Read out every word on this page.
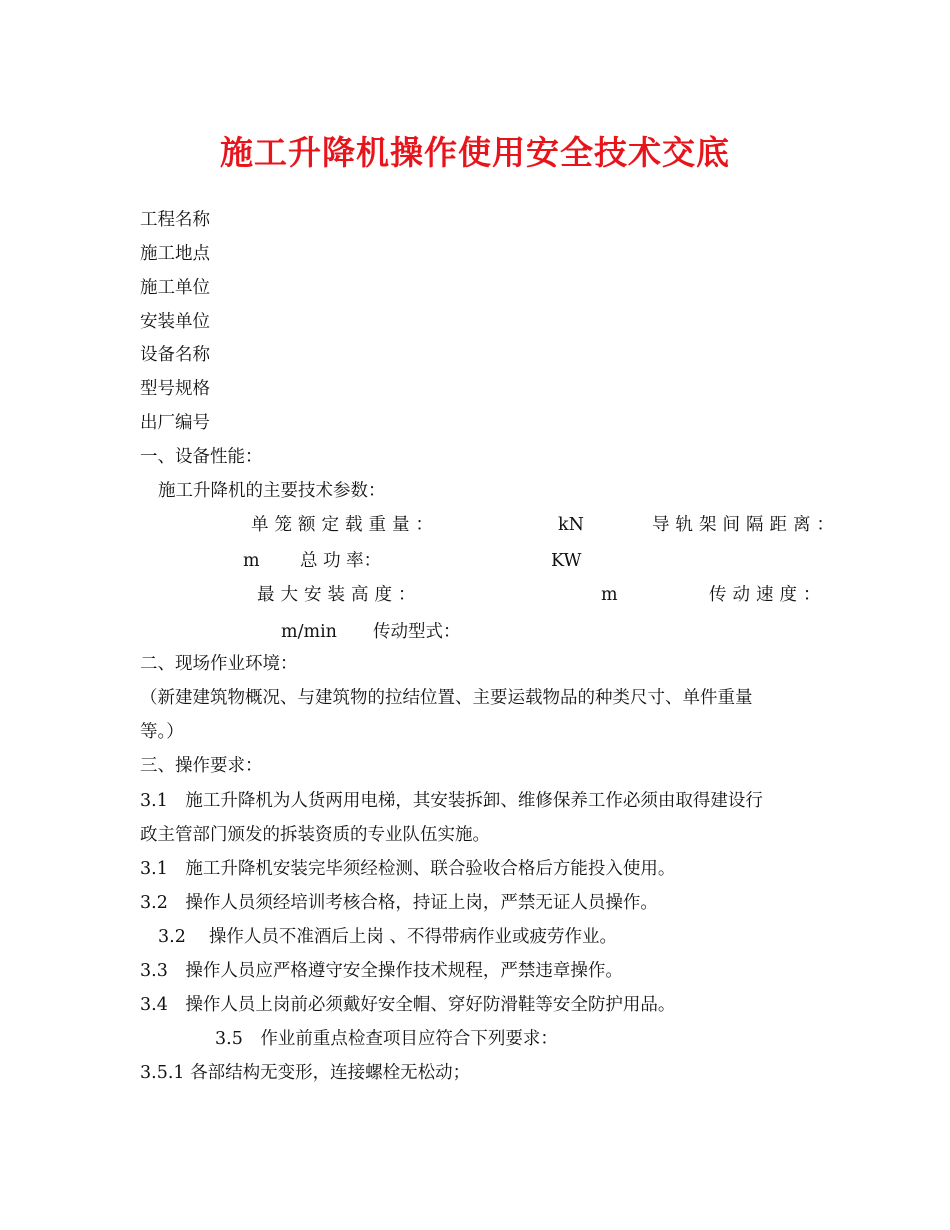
施工升降机操作使用安全技术交底
工程名称
施工地点
施工单位
安装单位
设备名称
型号规格
出厂编号
一、设备性能：
施工升降机的主要技术参数：
单笼额定载重量：	kN	导轨架间隔距离：
m 总 功 率：	KW
最大安装高度：	m	传动速度：
m/min 传动型式：
二、现场作业环境：
（新建建筑物概况、与建筑物的拉结位置、主要运载物品的种类尺寸、单件重量
等。）
三、操作要求：
3.1　施工升降机为人货两用电梯，其安装拆卸、维修保养工作必须由取得建设行
政主管部门颁发的拆装资质的专业队伍实施。
3.1　施工升降机安装完毕须经检测、联合验收合格后方能投入使用。
3.2　操作人员须经培训考核合格，持证上岗，严禁无证人员操作。
3.2　 操作人员不准酒后上岗 、不得带病作业或疲劳作业。
3.3　操作人员应严格遵守安全操作技术规程，严禁违章操作。
3.4　操作人员上岗前必须戴好安全帽、穿好防滑鞋等安全防护用品。
3.5　作业前重点检查项目应符合下列要求：
3.5.1 各部结构无变形，连接螺栓无松动；
